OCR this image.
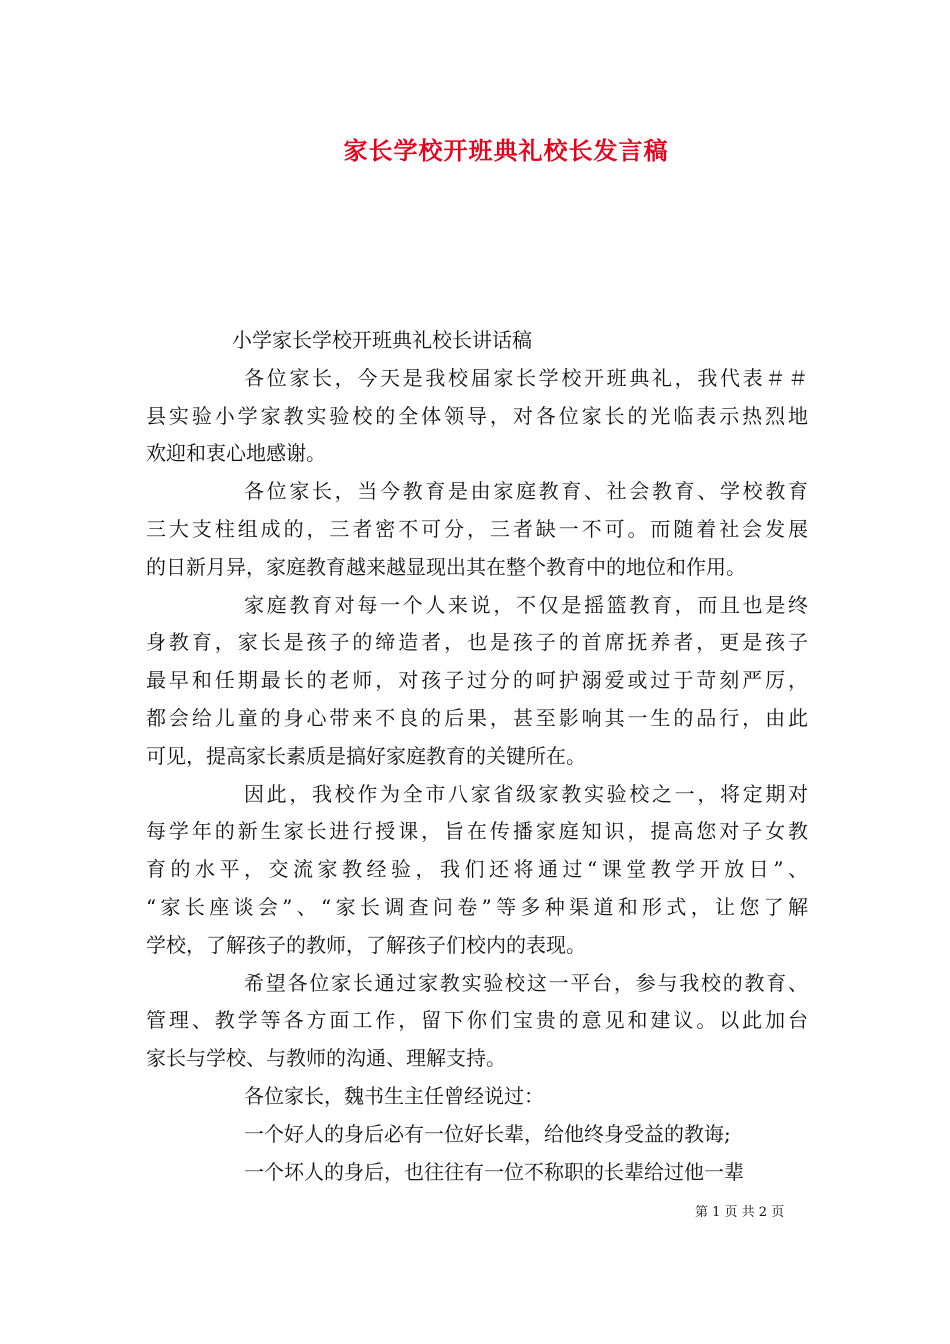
家长学校开班典礼校长发言稿
小学家长学校开班典礼校长讲话稿
各位家长，今天是我校届家长学校开班典礼，我代表＃＃
县实验小学家教实验校的全体领导，对各位家长的光临表示热烈地
欢迎和衷心地感谢。
各位家长，当今教育是由家庭教育、社会教育、学校教育
三大支柱组成的，三者密不可分，三者缺一不可。而随着社会发展
的日新月异，家庭教育越来越显现出其在整个教育中的地位和作用。
家庭教育对每一个人来说，不仅是摇篮教育，而且也是终
身教育，家长是孩子的缔造者，也是孩子的首席抚养者，更是孩子
最早和任期最长的老师，对孩子过分的呵护溺爱或过于苛刻严厉，
都会给儿童的身心带来不良的后果，甚至影响其一生的品行，由此
可见，提高家长素质是搞好家庭教育的关键所在。
因此，我校作为全市八家省级家教实验校之一，将定期对
每学年的新生家长进行授课，旨在传播家庭知识，提高您对子女教
育的水平，交流家教经验，我们还将通过“课堂教学开放日”、
“家长座谈会”、“家长调查问卷”等多种渠道和形式，让您了解
学校，了解孩子的教师，了解孩子们校内的表现。
希望各位家长通过家教实验校这一平台，参与我校的教育、
管理、教学等各方面工作，留下你们宝贵的意见和建议。以此加台
家长与学校、与教师的沟通、理解支持。
各位家长，魏书生主任曾经说过：
一个好人的身后必有一位好长辈，给他终身受益的教诲;
一个坏人的身后，也往往有一位不称职的长辈给过他一辈
第 1 页 共 2 页
